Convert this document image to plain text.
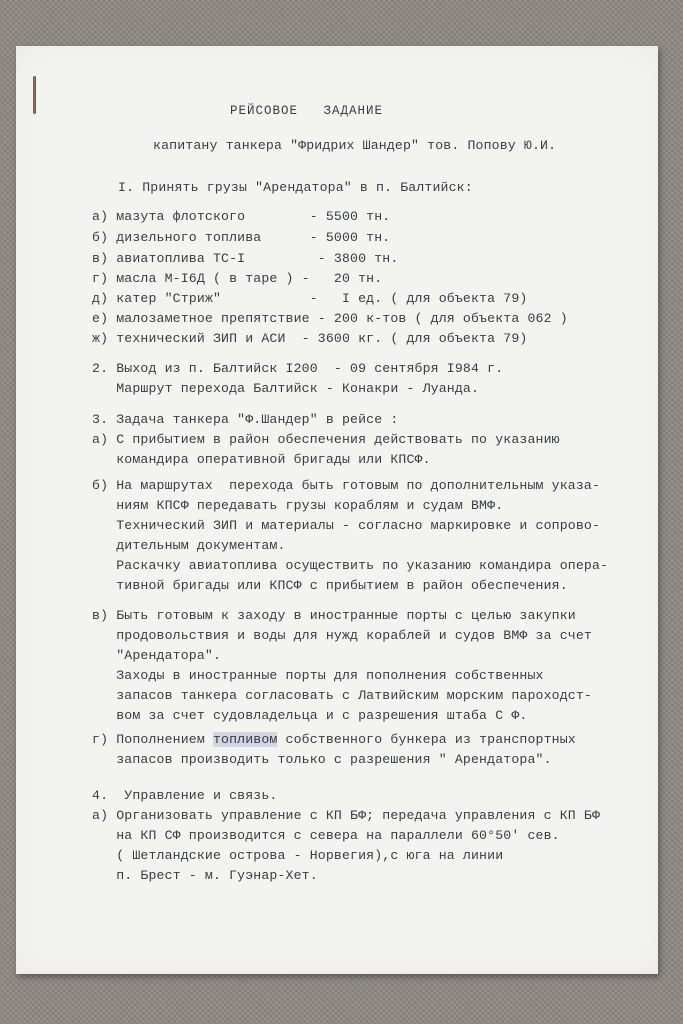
РЕЙСОВОЕ   ЗАДАНИЕ
капитану танкера "Фридрих Шандер" тов. Попову Ю.И.
I. Принять грузы "Арендатора" в п. Балтийск:
а) мазута флотского        - 5500 тн.
б) дизельного топлива      - 5000 тн.
в) авиатоплива ТС-I         - 3800 тн.
г) масла М-I6Д ( в таре ) -   20 тн.
д) катер "Стриж"           -   I ед. ( для объекта 79)
е) малозаметное препятствие - 200 к-тов ( для объекта 062 )
ж) технический ЗИП и АСИ  - 3600 кг. ( для объекта 79)
2. Выход из п. Балтийск I200  - 09 сентября I984 г.
Маршрут перехода Балтийск - Конакри - Луанда.
3. Задача танкера "Ф.Шандер" в рейсе :
а) С прибытием в район обеспечения действовать по указанию
командира оперативной бригады или КПСФ.
б) На маршрутах  перехода быть готовым по дополнительным указа-
ниям КПСФ передавать грузы кораблям и судам ВМФ.
Технический ЗИП и материалы - согласно маркировке и сопрово-
дительным документам.
Раскачку авиатоплива осуществить по указанию командира опера-
тивной бригады или КПСФ с прибытием в район обеспечения.
в) Быть готовым к заходу в иностранные порты с целью закупки
продовольствия и воды для нужд кораблей и судов ВМФ за счет
"Арендатора".
Заходы в иностранные порты для пополнения собственных
запасов танкера согласовать с Латвийским морским пароходст-
вом за счет судовладельца и с разрешения штаба С Ф.
г) Пополнением топливом собственного бункера из транспортных
запасов производить только с разрешения " Арендатора".
4.  Управление и связь.
а) Организовать управление с КП БФ; передача управления с КП БФ
на КП СФ производится с севера на параллели 60°50' сев.
( Шетландские острова - Норвегия),с юга на линии
п. Брест - м. Гуэнар-Хет.
